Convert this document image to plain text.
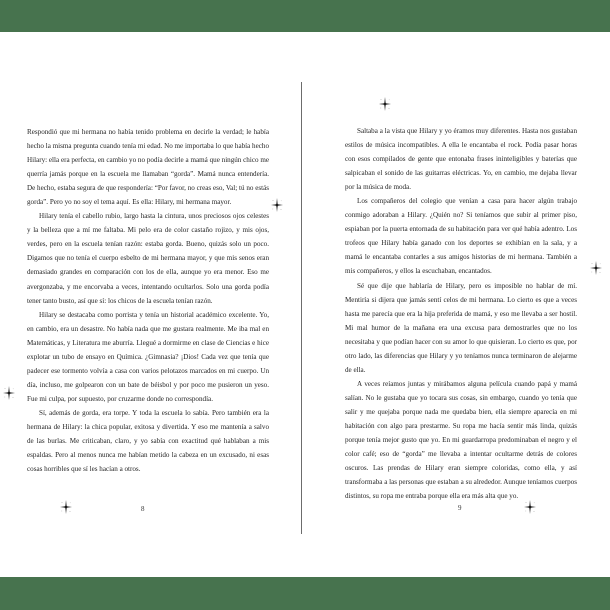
Respondió que mi hermana no había tenido problema en decirle la verdad; le había hecho la misma pregunta cuando tenía mi edad. No me importaba lo que había hecho Hilary: ella era perfecta, en cambio yo no podía decirle a mamá que ningún chico me querría jamás porque en la escuela me llamaban “gorda”. Mamá nunca entendería. De hecho, estaba segura de que respondería: “Por favor, no creas eso, Val; tú no estás gorda”. Pero yo no soy el tema aquí. Es ella: Hilary, mi hermana mayor.

Hilary tenía el cabello rubio, largo hasta la cintura, unos preciosos ojos celestes y la belleza que a mí me faltaba. Mi pelo era de color castaño rojizo, y mis ojos, verdes, pero en la escuela tenían razón: estaba gorda. Bueno, quizás solo un poco. Digamos que no tenía el cuerpo esbelto de mi hermana mayor, y que mis senos eran demasiado grandes en comparación con los de ella, aunque yo era menor. Eso me avergonzaba, y me encorvaba a veces, intentando ocultarlos. Solo una gorda podía tener tanto busto, así que sí: los chicos de la escuela tenían razón.

Hilary se destacaba como porrista y tenía un historial académico excelente. Yo, en cambio, era un desastre. No había nada que me gustara realmente. Me iba mal en Matemáticas, y Literatura me aburría. Llegué a dormirme en clase de Ciencias e hice explotar un tubo de ensayo en Química. ¿Gimnasia? ¡Dios! Cada vez que tenía que padecer ese tormento volvía a casa con varios pelotazos marcados en mi cuerpo. Un día, incluso, me golpearon con un bate de béisbol y por poco me pusieron un yeso. Fue mi culpa, por supuesto, por cruzarme donde no correspondía.

Sí, además de gorda, era torpe. Y toda la escuela lo sabía. Pero también era la hermana de Hilary: la chica popular, exitosa y divertida. Y eso me mantenía a salvo de las burlas. Me criticaban, claro, y yo sabía con exactitud qué hablaban a mis espaldas. Pero al menos nunca me habían metido la cabeza en un excusado, ni esas cosas horribles que sí les hacían a otros.

8

Saltaba a la vista que Hilary y yo éramos muy diferentes. Hasta nos gustaban estilos de música incompatibles. A ella le encantaba el rock. Podía pasar horas con esos compilados de gente que entonaba frases ininteligibles y baterías que salpicaban el sonido de las guitarras eléctricas. Yo, en cambio, me dejaba llevar por la música de moda.

Los compañeros del colegio que venían a casa para hacer algún trabajo conmigo adoraban a Hilary. ¿Quién no? Si teníamos que subir al primer piso, espiaban por la puerta entornada de su habitación para ver qué había adentro. Los trofeos que Hilary había ganado con los deportes se exhibían en la sala, y a mamá le encantaba contarles a sus amigos historias de mi hermana. También a mis compañeros, y ellos la escuchaban, encantados.

Sé que dije que hablaría de Hilary, pero es imposible no hablar de mí. Mentiría si dijera que jamás sentí celos de mi hermana. Lo cierto es que a veces hasta me parecía que era la hija preferida de mamá, y eso me llevaba a ser hostil. Mi mal humor de la mañana era una excusa para demostrarles que no los necesitaba y que podían hacer con su amor lo que quisieran. Lo cierto es que, por otro lado, las diferencias que Hilary y yo teníamos nunca terminaron de alejarme de ella.

A veces reíamos juntas y mirábamos alguna película cuando papá y mamá salían. No le gustaba que yo tocara sus cosas, sin embargo, cuando yo tenía que salir y me quejaba porque nada me quedaba bien, ella siempre aparecía en mi habitación con algo para prestarme. Su ropa me hacía sentir más linda, quizás porque tenía mejor gusto que yo. En mi guardarropa predominaban el negro y el color café; eso de “gorda” me llevaba a intentar ocultarme detrás de colores oscuros. Las prendas de Hilary eran siempre coloridas, como ella, y así transformaba a las personas que estaban a su alrededor. Aunque teníamos cuerpos distintos, su ropa me entraba porque ella era más alta que yo.

9
